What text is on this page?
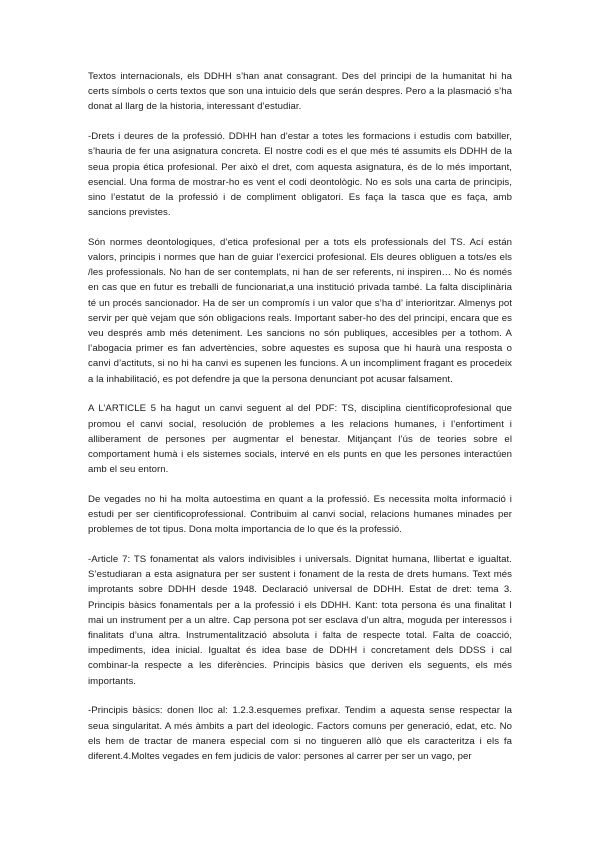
Textos internacionals, els DDHH s’han anat consagrant. Des del principi de la humanitat hi ha certs símbols o certs textos que son una intuicio dels que serán despres. Pero a la plasmació s’ha donat al llarg de la historia, interessant d’estudiar.

-Drets i deures de la professió. DDHH han d’estar a totes les formacions i estudis com batxiller, s’hauria de fer una asignatura concreta. El nostre codi es el que més té assumits els DDHH de la seua propia ética profesional. Per això el dret, com aquesta asignatura, és de lo més important, esencial. Una forma de mostrar-ho es vent el codi deontològic. No es sols una carta de principis, sino l’estatut de la professió i de compliment obligatori. Es faça la tasca que es faça, amb sancions previstes.

Són normes deontologiques, d’etica profesional per a tots els professionals del TS. Ací están valors, principis i normes que han de guiar l’exercici profesional. Els deures obliguen a tots/es els /les professionals. No han de ser contemplats, ni han de ser referents, ni inspiren… No és només en cas que en futur es treballi de funcionariat,a una institució privada també. La falta disciplinària té un procés sancionador. Ha de ser un compromís i un valor que s’ha d’ interioritzar. Almenys pot servir per què vejam que són obligacions reals. Important saber-ho des del principi, encara que es veu després amb més deteniment. Les sancions no són publiques, accesibles per a tothom. A l’abogacia primer es fan advertències, sobre aquestes es suposa que hi haurà una resposta o canvi d’actituts, si no hi ha canvi es supenen les funcions. A un incompliment fragant es procedeix a la inhabilitació, es pot defendre ja que la persona denunciant pot acusar falsament.

A L’ARTICLE 5 ha hagut un canvi seguent al del PDF: TS, disciplina científicoprofesional que promou el canvi social, resolución de problemes a les relacions humanes, i l’enfortiment i alliberament de persones per augmentar el benestar. Mitjançant l’ús de teories sobre el comportament humà i els sistemes socials, intervé en els punts en que les persones interactúen amb el seu entorn.

De vegades no hi ha molta autoestima en quant a la professió. Es necessita molta informació i estudi per ser cientificoprofessional. Contribuim al canvi social, relacions humanes minades per problemes de tot tipus. Dona molta importancia de lo que és la professió.

-Article 7: TS fonamentat als valors indivisibles i universals. Dignitat humana, llibertat e igualtat. S’estudiaran a esta asignatura per ser sustent i fonament de la resta de drets humans. Text més improtants sobre DDHH desde 1948. Declaració universal de DDHH. Estat de dret: tema 3. Principis bàsics fonamentals per a la professió i els DDHH. Kant: tota persona és una finalitat I mai un instrument per a un altre. Cap persona pot ser esclava d’un altra, moguda per interessos i finalitats d’una altra. Instrumentalització absoluta i falta de respecte total. Falta de coacció, impediments, idea inicial. Igualtat és idea base de DDHH i concretament dels DDSS i cal combinar-la respecte a les diferències. Principis bàsics que deriven els seguents, els més importants.

-Principis bàsics: donen lloc al: 1.2.3.esquemes prefixar. Tendim a aquesta sense respectar la seua singularitat. A més àmbits a part del ideologic. Factors comuns per generació, edat, etc. No els hem de tractar de manera especial com si no tingueren allò que els caracteritza i els fa diferent.4.Moltes vegades en fem judicis de valor: persones al carrer per ser un vago, per
